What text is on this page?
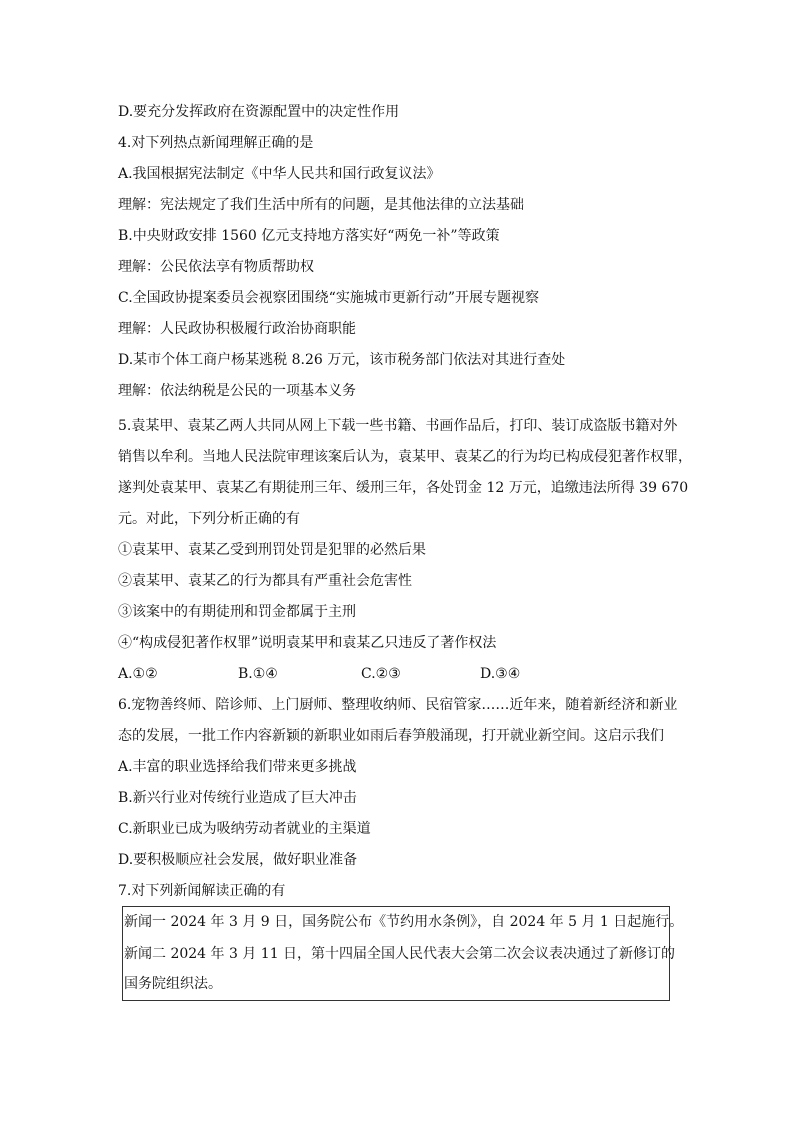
D.要充分发挥政府在资源配置中的决定性作用
4.对下列热点新闻理解正确的是
A.我国根据宪法制定《中华人民共和国行政复议法》
理解：宪法规定了我们生活中所有的问题，是其他法律的立法基础
B.中央财政安排 1560 亿元支持地方落实好“两免一补”等政策
理解：公民依法享有物质帮助权
C.全国政协提案委员会视察团围绕“实施城市更新行动”开展专题视察
理解：人民政协积极履行政治协商职能
D.某市个体工商户杨某逃税 8.26 万元，该市税务部门依法对其进行查处
理解：依法纳税是公民的一项基本义务
5.袁某甲、袁某乙两人共同从网上下载一些书籍、书画作品后，打印、装订成盗版书籍对外
销售以牟利。当地人民法院审理该案后认为，袁某甲、袁某乙的行为均已构成侵犯著作权罪，
遂判处袁某甲、袁某乙有期徒刑三年、缓刑三年，各处罚金 12 万元，追缴违法所得 39 670
元。对此，下列分析正确的有
①袁某甲、袁某乙受到刑罚处罚是犯罪的必然后果
②袁某甲、袁某乙的行为都具有严重社会危害性
③该案中的有期徒刑和罚金都属于主刑
④“构成侵犯著作权罪”说明袁某甲和袁某乙只违反了著作权法
A.①②	B.①④	C.②③	D.③④
6.宠物善终师、陪诊师、上门厨师、整理收纳师、民宿管家……近年来，随着新经济和新业
态的发展，一批工作内容新颖的新职业如雨后春笋般涌现，打开就业新空间。这启示我们
A.丰富的职业选择给我们带来更多挑战
B.新兴行业对传统行业造成了巨大冲击
C.新职业已成为吸纳劳动者就业的主渠道
D.要积极顺应社会发展，做好职业准备
7.对下列新闻解读正确的有
新闻一 2024 年 3 月 9 日，国务院公布《节约用水条例》，自 2024 年 5 月 1 日起施行。
新闻二 2024 年 3 月 11 日，第十四届全国人民代表大会第二次会议表决通过了新修订的
国务院组织法。
